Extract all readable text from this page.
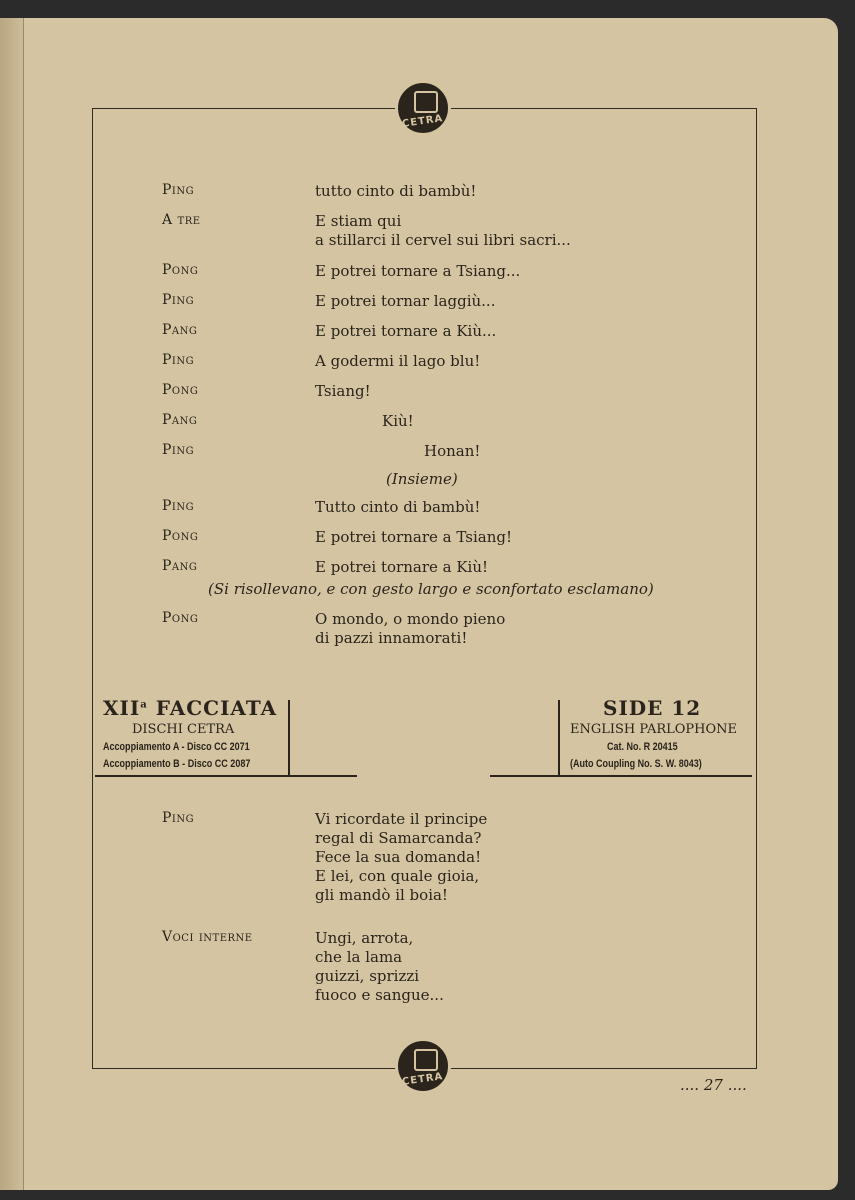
CETRA
CETRA
Ping	tutto cinto di bambù!
A tre	E stiam qui
a stillarci il cervel sui libri sacri...
Pong	E potrei tornare a Tsiang...
Ping	E potrei tornar laggiù...
Pang	E potrei tornare a Kiù...
Ping	A godermi il lago blu!
Pong	Tsiang!
Pang	Kiù!
Ping	Honan!
(Insieme)
Ping	Tutto cinto di bambù!
Pong	E potrei tornare a Tsiang!
Pang	E potrei tornare a Kiù!
(Si risollevano, e con gesto largo e sconfortato esclamano)
Pong	O mondo, o mondo pieno
di pazzi innamorati!
XII$^a$ FACCIATA
DISCHI CETRA
Accoppiamento A - Disco CC 2071
Accoppiamento B - Disco CC 2087
SIDE 12
ENGLISH PARLOPHONE
Cat. No. R 20415
(Auto Coupling No. S. W. 8043)
Ping	Vi ricordate il principe
regal di Samarcanda?
Fece la sua domanda!
E lei, con quale gioia,
gli mandò il boia!
Voci interne	Ungi, arrota,
che la lama
guizzi, sprizzi
fuoco e sangue...
.... 27 ....
